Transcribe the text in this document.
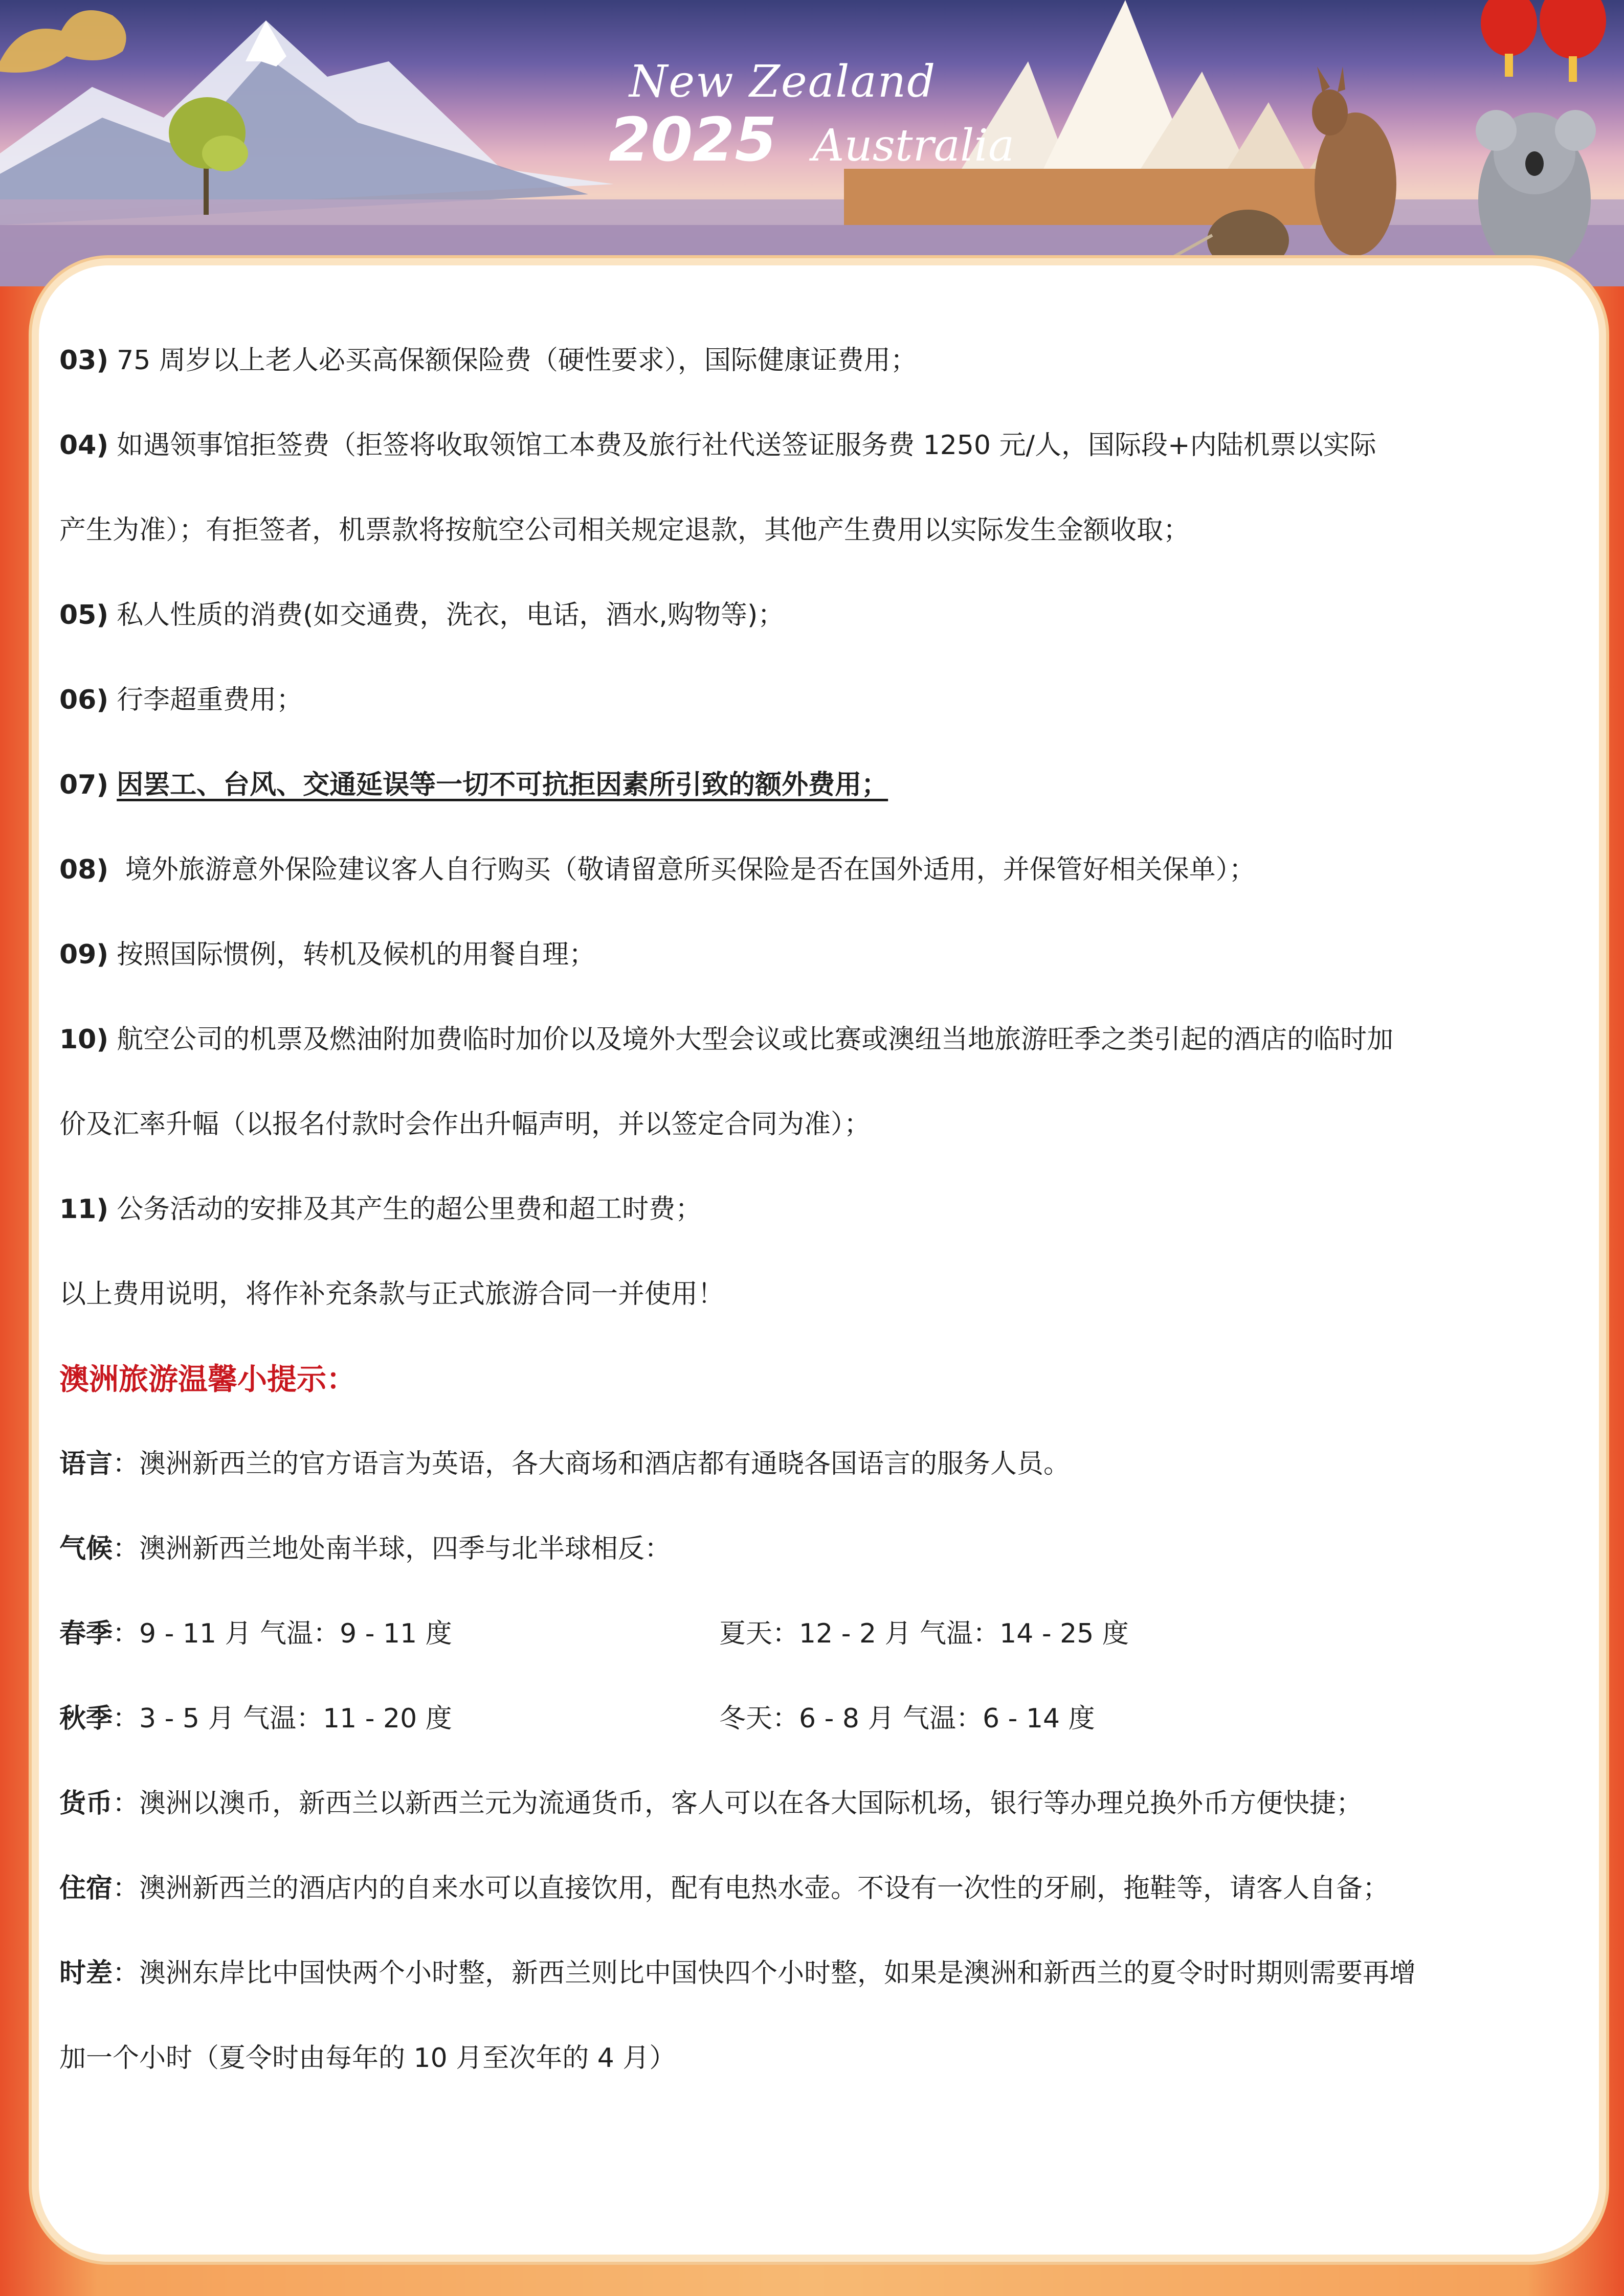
New Zealand
2025 Australia
03) 75 周岁以上老人必买高保额保险费（硬性要求），国际健康证费用；
04) 如遇领事馆拒签费（拒签将收取领馆工本费及旅行社代送签证服务费 1250 元/人，国际段+内陆机票以实际
产生为准）；有拒签者，机票款将按航空公司相关规定退款，其他产生费用以实际发生金额收取；
05) 私人性质的消费(如交通费，洗衣，电话，酒水,购物等)；
06) 行李超重费用；
07) 因罢工、台风、交通延误等一切不可抗拒因素所引致的额外费用；
08) 境外旅游意外保险建议客人自行购买（敬请留意所买保险是否在国外适用，并保管好相关保单）；
09) 按照国际惯例，转机及候机的用餐自理；
10) 航空公司的机票及燃油附加费临时加价以及境外大型会议或比赛或澳纽当地旅游旺季之类引起的酒店的临时加
价及汇率升幅（以报名付款时会作出升幅声明，并以签定合同为准）；
11) 公务活动的安排及其产生的超公里费和超工时费；
以上费用说明，将作补充条款与正式旅游合同一并使用！
澳洲旅游温馨小提示：
语言：澳洲新西兰的官方语言为英语，各大商场和酒店都有通晓各国语言的服务人员。
气候：澳洲新西兰地处南半球，四季与北半球相反：
春季：9 - 11 月 气温：9 - 11 度	夏天：12 - 2 月 气温：14 - 25 度
秋季：3 - 5 月 气温：11 - 20 度	冬天：6 - 8 月 气温：6 - 14 度
货币：澳洲以澳币，新西兰以新西兰元为流通货币，客人可以在各大国际机场，银行等办理兑换外币方便快捷；
住宿：澳洲新西兰的酒店内的自来水可以直接饮用，配有电热水壶。不设有一次性的牙刷，拖鞋等，请客人自备；
时差：澳洲东岸比中国快两个小时整，新西兰则比中国快四个小时整，如果是澳洲和新西兰的夏令时时期则需要再增
加一个小时（夏令时由每年的 10 月至次年的 4 月）
